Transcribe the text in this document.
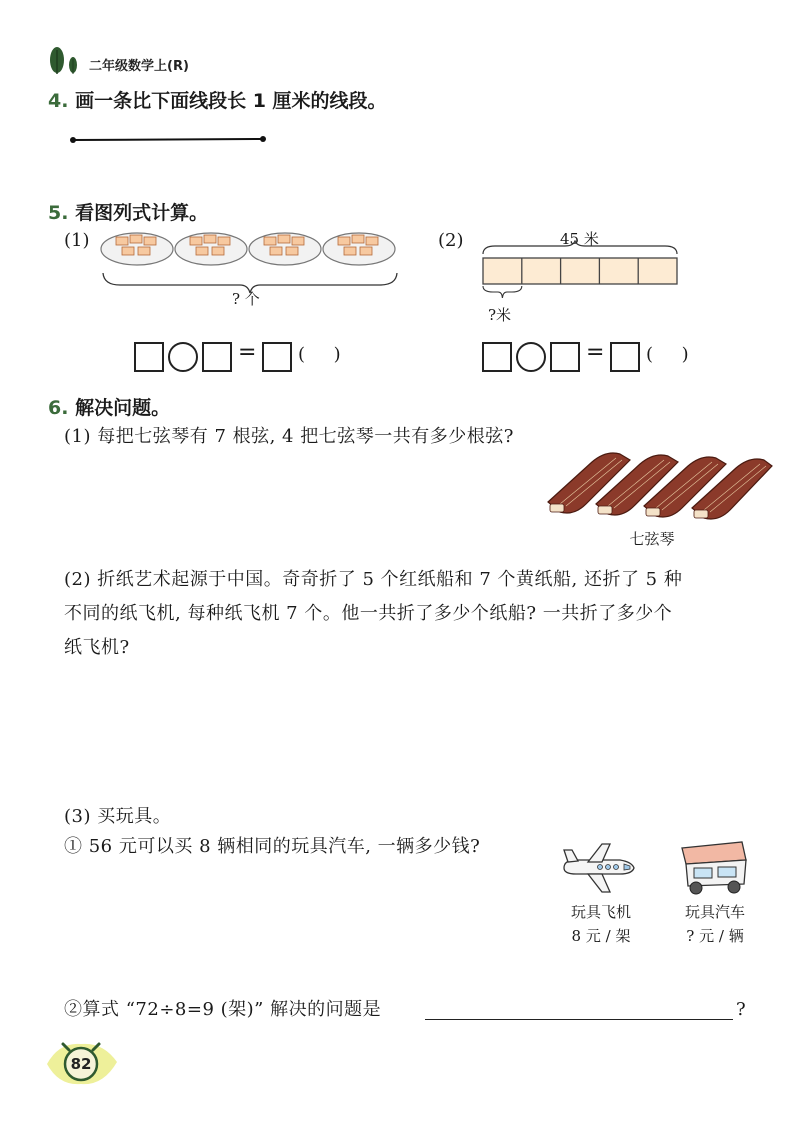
二年级数学上(R)
4. 画一条比下面线段长 1 厘米的线段。
5. 看图列式计算。
(1)
? 个
= (     )
(2)	45 米
?米
= (     )
6. 解决问题。
(1) 每把七弦琴有 7 根弦, 4 把七弦琴一共有多少根弦?
七弦琴
(2) 折纸艺术起源于中国。奇奇折了 5 个红纸船和 7 个黄纸船, 还折了 5 种
不同的纸飞机, 每种纸飞机 7 个。他一共折了多少个纸船? 一共折了多少个
纸飞机?
(3) 买玩具。
① 56 元可以买 8 辆相同的玩具汽车, 一辆多少钱?
玩具飞机
8 元 / 架
玩具汽车
? 元 / 辆
②算式 “72÷8=9 (架)” 解决的问题是	?
82
